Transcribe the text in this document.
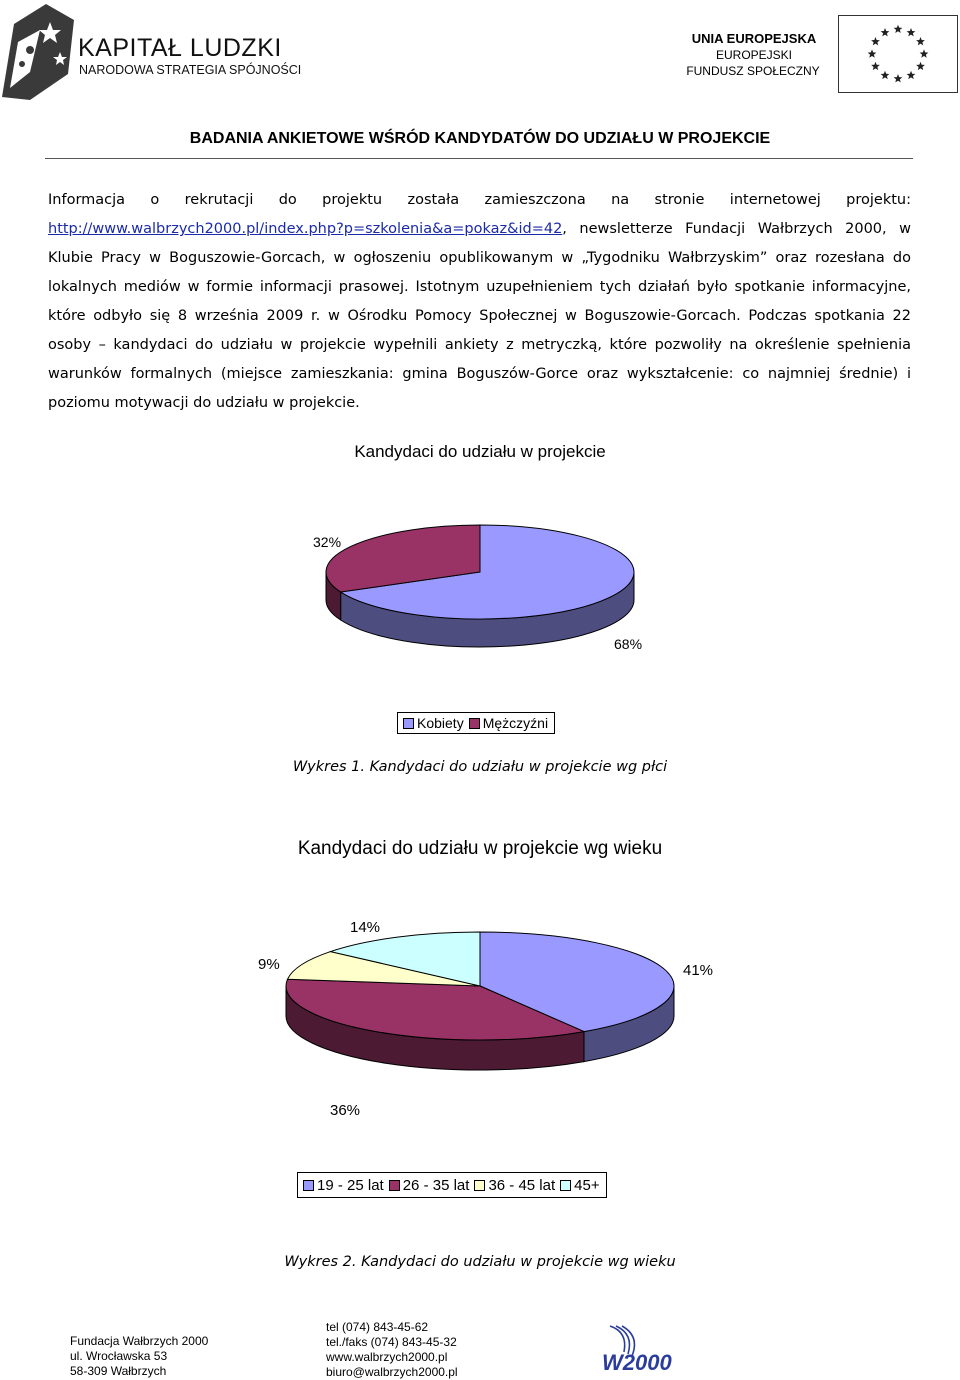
KAPITAŁ LUDZKI
NARODOWA STRATEGIA SPÓJNOŚCI
UNIA EUROPEJSKA
EUROPEJSKI
FUNDUSZ SPOŁECZNY
BADANIA ANKIETOWE WŚRÓD KANDYDATÓW DO UDZIAŁU W PROJEKCIE

Informacja o rekrutacji do projektu została zamieszczona na stronie internetowej projektu: http://www.walbrzych2000.pl/index.php?p=szkolenia&a=pokaz&id=42, newsletterze Fundacji Wałbrzych 2000, w Klubie Pracy w Boguszowie-Gorcach, w ogłoszeniu opublikowanym w „Tygodniku Wałbrzyskim” oraz rozesłana do lokalnych mediów w formie informacji prasowej. Istotnym uzupełnieniem tych działań było spotkanie informacyjne, które odbyło się 8 września 2009 r. w Ośrodku Pomocy Społecznej w Boguszowie-Gorcach. Podczas spotkania 22 osoby – kandydaci do udziału w projekcie wypełnili ankiety z metryczką, które pozwoliły na określenie spełnienia warunków formalnych (miejsce zamieszkania: gmina Boguszów-Gorce oraz wykształcenie: co najmniej średnie) i poziomu motywacji do udziału w projekcie.

Kandydaci do udziału w projekcie
32%
68%
Kobiety Mężczyźni
Wykres 1. Kandydaci do udziału w projekcie wg płci
Kandydaci do udziału w projekcie wg wieku
14%
9%	41%
36%
19 - 25 lat 26 - 35 lat 36 - 45 lat 45+
Wykres 2. Kandydaci do udziału w projekcie wg wieku
Fundacja Wałbrzych 2000
ul. Wrocławska 53
58-309 Wałbrzych
tel (074) 843-45-62
tel./faks (074) 843-45-32
www.walbrzych2000.pl
biuro@walbrzych2000.pl	W2000
